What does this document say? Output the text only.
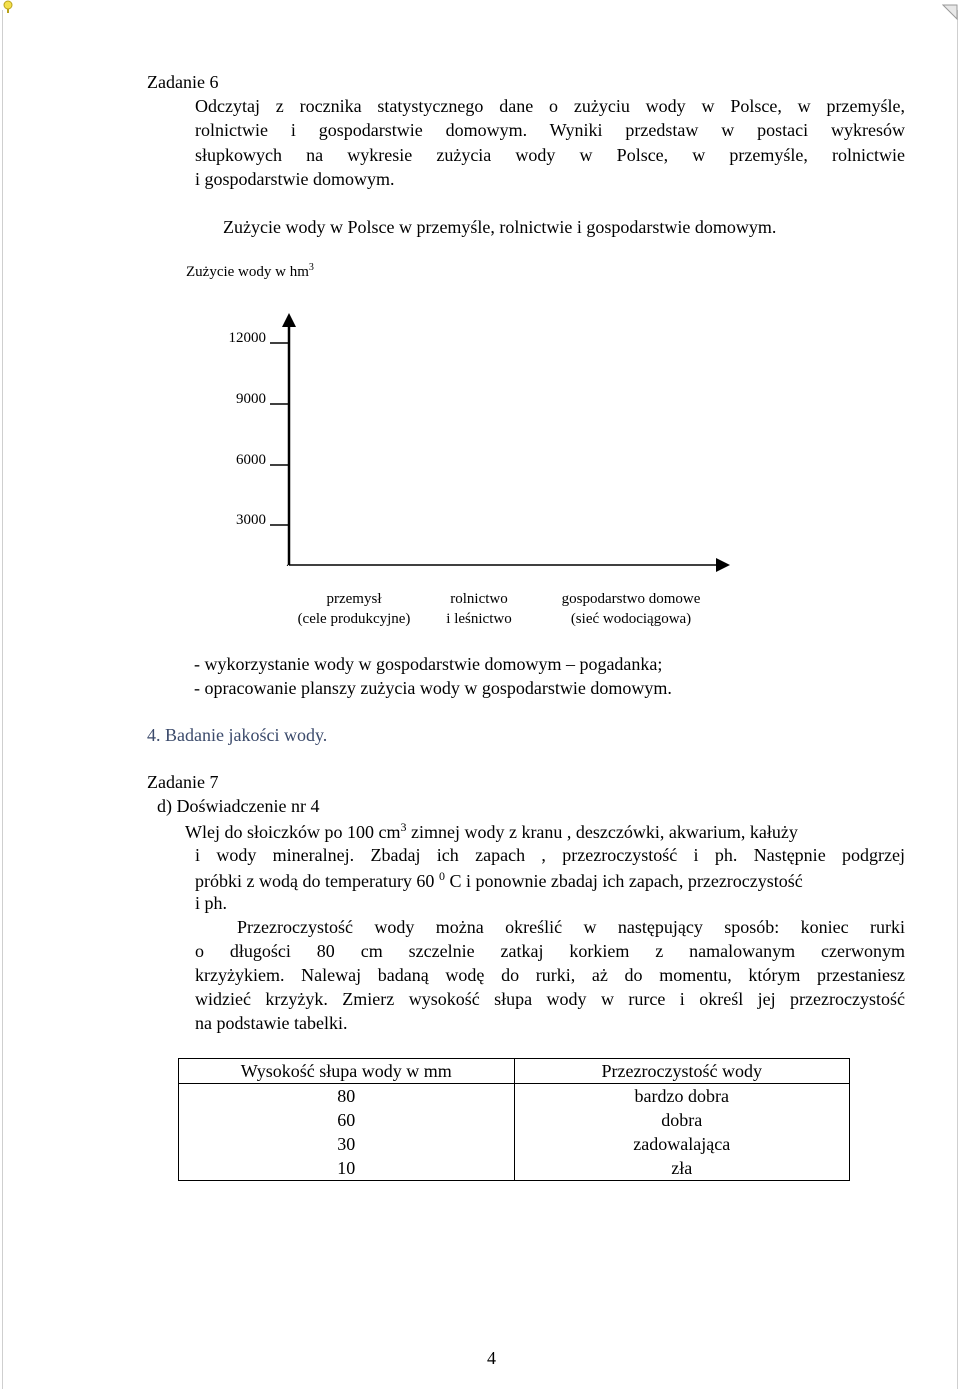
Zadanie 6
Odczytaj z rocznika statystycznego dane o zużyciu wody w Polsce, w przemyśle,
rolnictwie i gospodarstwie domowym. Wyniki przedstaw w postaci wykresów
słupkowych na wykresie zużycia wody w Polsce, w przemyśle, rolnictwie
i gospodarstwie domowym.
Zużycie wody w Polsce w przemyśle, rolnictwie i gospodarstwie domowym.
Zużycie wody w $hm^3$
12000
9000
6000
3000
.
przemysł
(cele produkcyjne)
rolnictwo
i leśnictwo
gospodarstwo domowe
(sieć wodociągowa)
- wykorzystanie wody w gospodarstwie domowym – pogadanka;
- opracowanie planszy zużycia wody w gospodarstwie domowym.
4. Badanie jakości wody.
Zadanie 7
d) Doświadczenie nr 4
Wlej do słoiczków po 100 $cm^3$ zimnej wody z kranu , deszczówki, akwarium, kałuży
i wody mineralnej. Zbadaj ich zapach , przezroczystość i ph. Następnie podgrzej
próbki z wodą do temperatury 60 $^0$ C i ponownie zbadaj ich zapach, przezroczystość
i ph.
Przezroczystość wody można określić w następujący sposób: koniec rurki
o długości 80 cm szczelnie zatkaj korkiem z namalowanym czerwonym
krzyżykiem. Nalewaj badaną wodę do rurki, aż do momentu, którym przestaniesz
widzieć krzyżyk. Zmierz wysokość słupa wody w rurce i określ jej przezroczystość
na podstawie tabelki.
Wysokość słupa wody w mm	Przezroczystość wody
80	bardzo dobra
60	dobra
30	zadowalająca
10	zła
4
